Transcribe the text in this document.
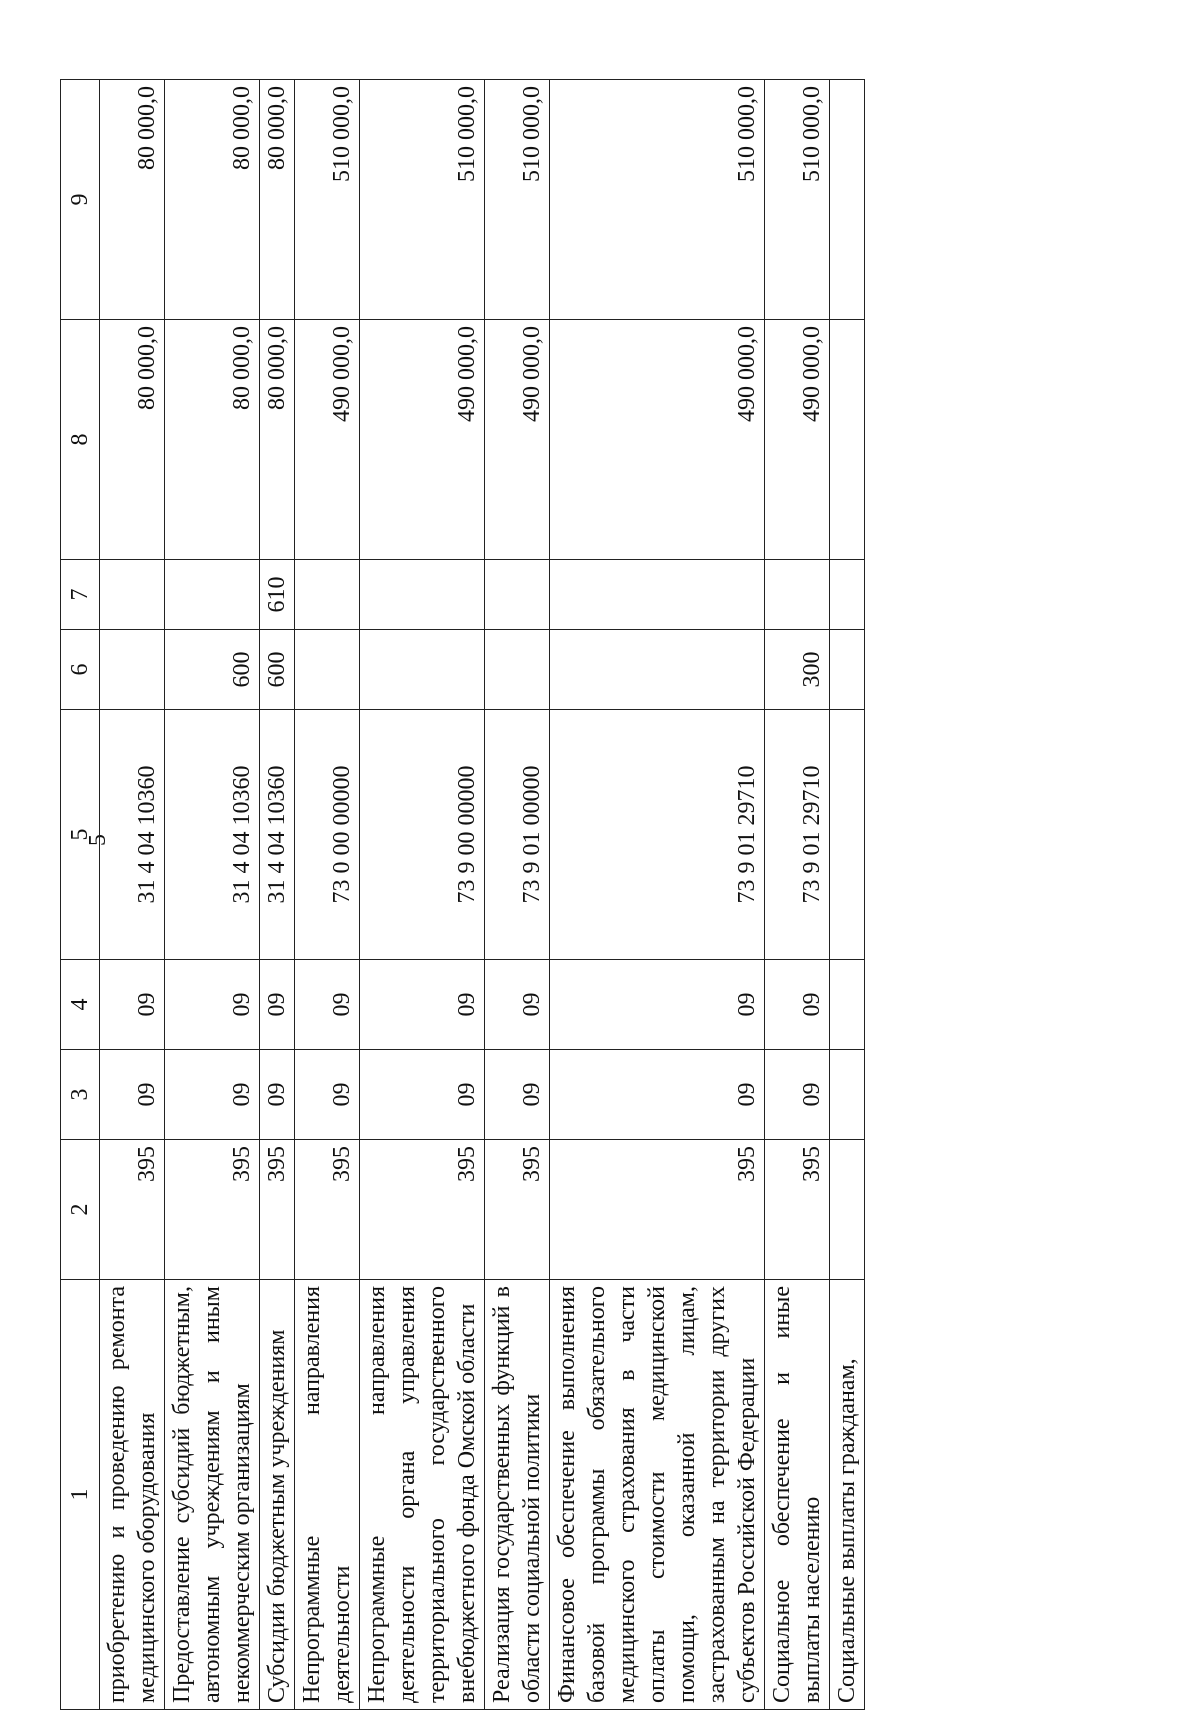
5
1	2	3	4	5	6	7	8	9
приобретению и проведению ремонта медицинского оборудования	395	09	09	31 4 04 10360			80 000,0	80 000,0
Предоставление субсидий бюджетным, автономным учреждениям и иным некоммерческим организациям	395	09	09	31 4 04 10360	600		80 000,0	80 000,0
Субсидии бюджетным учреждениям	395	09	09	31 4 04 10360	600	610	80 000,0	80 000,0
Непрограммные направления деятельности	395	09	09	73 0 00 00000			490 000,0	510 000,0
Непрограммные направления деятельности органа управления территориального государственного внебюджетного фонда Омской области	395	09	09	73 9 00 00000			490 000,0	510 000,0
Реализация государственных функций в области социальной политики	395	09	09	73 9 01 00000			490 000,0	510 000,0
Финансовое обеспечение выполнения базовой программы обязательного медицинского страхования в части оплаты стоимости медицинской помощи, оказанной лицам, застрахованным на территории других субъектов Российской Федерации	395	09	09	73 9 01 29710			490 000,0	510 000,0
Социальное обеспечение и иные выплаты населению	395	09	09	73 9 01 29710	300		490 000,0	510 000,0
Социальные выплаты гражданам,								
